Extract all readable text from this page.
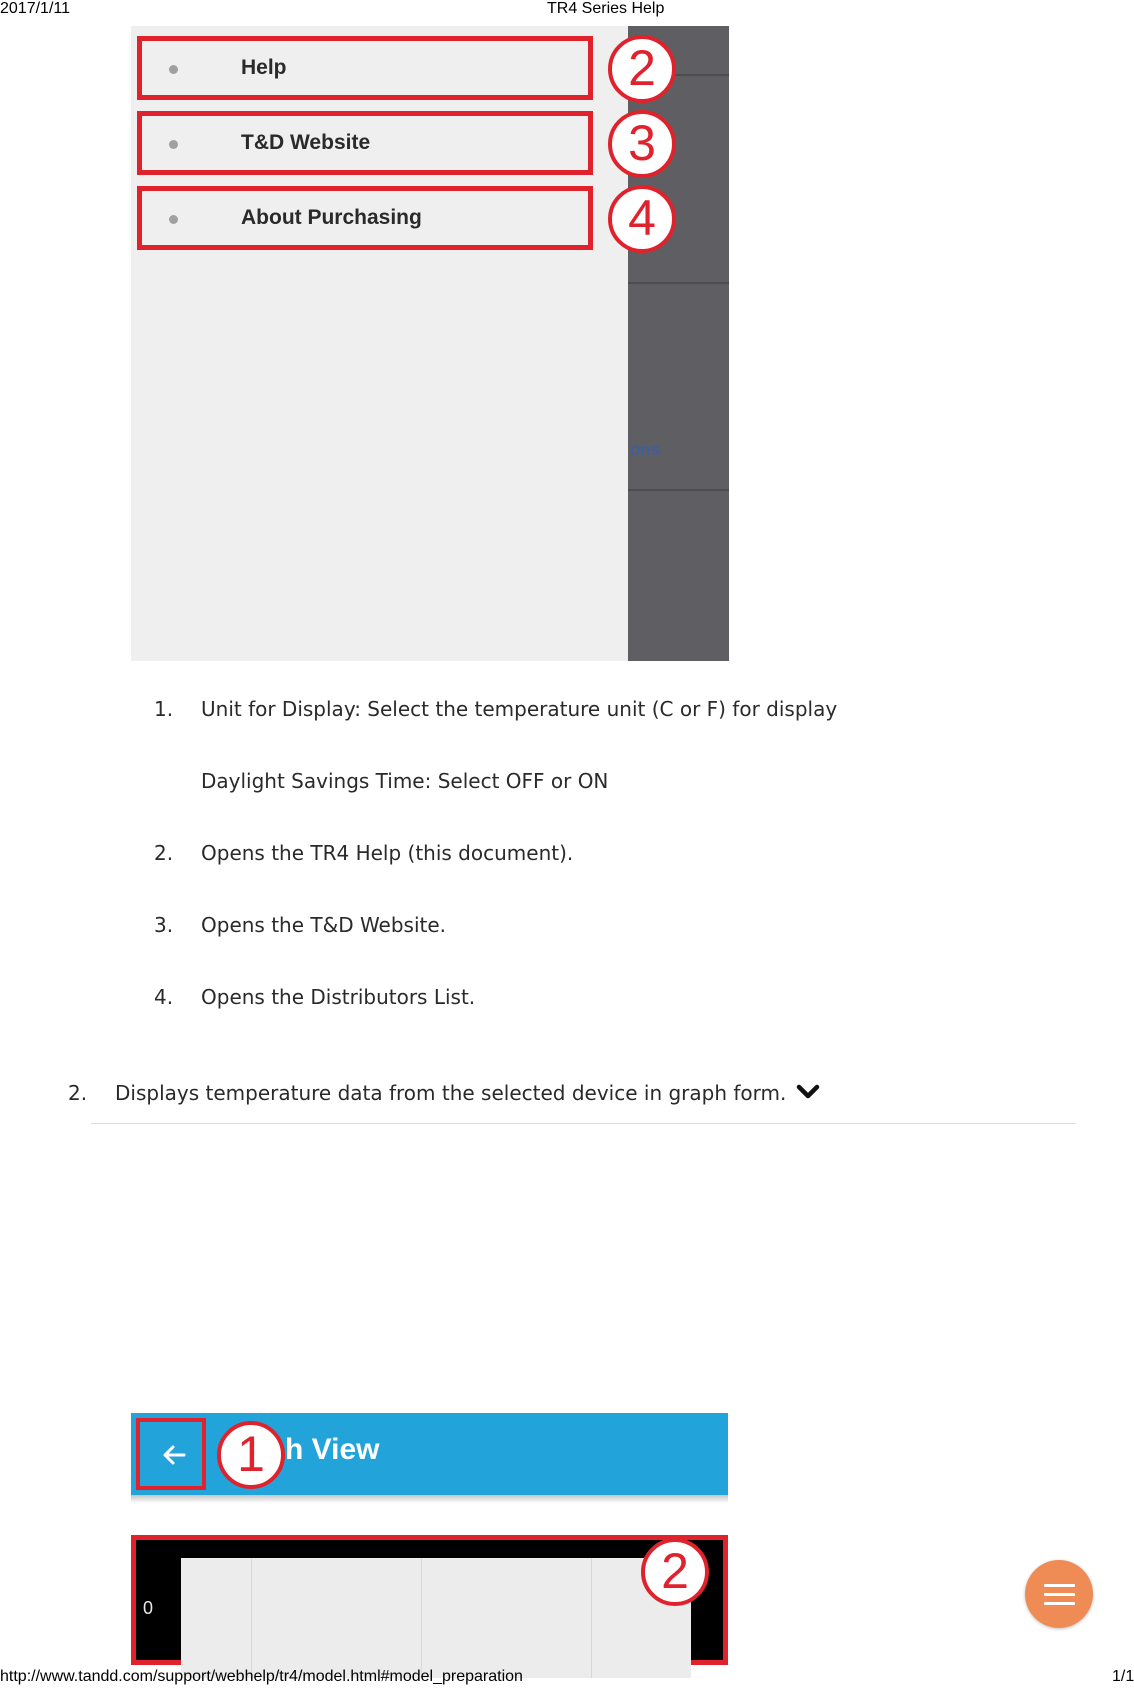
2017/1/11	TR4 Series Help
ons
Help
T&D Website
About Purchasing
2
3
4
1. Unit for Display: Select the temperature unit (C or F) for display
Daylight Savings Time: Select OFF or ON
2. Opens the TR4 Help (this document).
3. Opens the T&D Website.
4. Opens the Distributors List.
2. Displays temperature data from the selected device in graph form.
h View
1
0
2
http://www.tandd.com/support/webhelp/tr4/model.html#model_preparation	1/1
